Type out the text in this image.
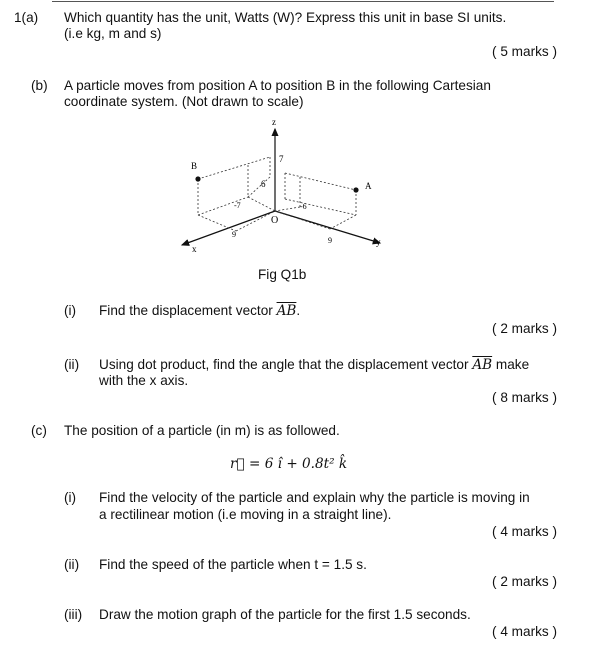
1(a) Which quantity has the unit, Watts (W)? Express this unit in base SI units.
(i.e kg, m and s)
( 5 marks )
(b) A particle moves from position A to position B in the following Cartesian
coordinate system. (Not drawn to scale)
z
x
y
O
A
B
7
6
-7	-6
9
9
Fig Q1b
(i) Find the displacement vector $\overline{AB}$.
( 2 marks )
(ii) Using dot product, find the angle that the displacement vector $\overline{AB}$ make
with the x axis.
( 8 marks )
(c) The position of a particle (in m) is as followed.
r⃗ = 6 î + 0.8t² k̂
(i) Find the velocity of the particle and explain why the particle is moving in
a rectilinear motion (i.e moving in a straight line).
( 4 marks )
(ii) Find the speed of the particle when t = 1.5 s.
( 2 marks )
(iii) Draw the motion graph of the particle for the first 1.5 seconds.
( 4 marks )
